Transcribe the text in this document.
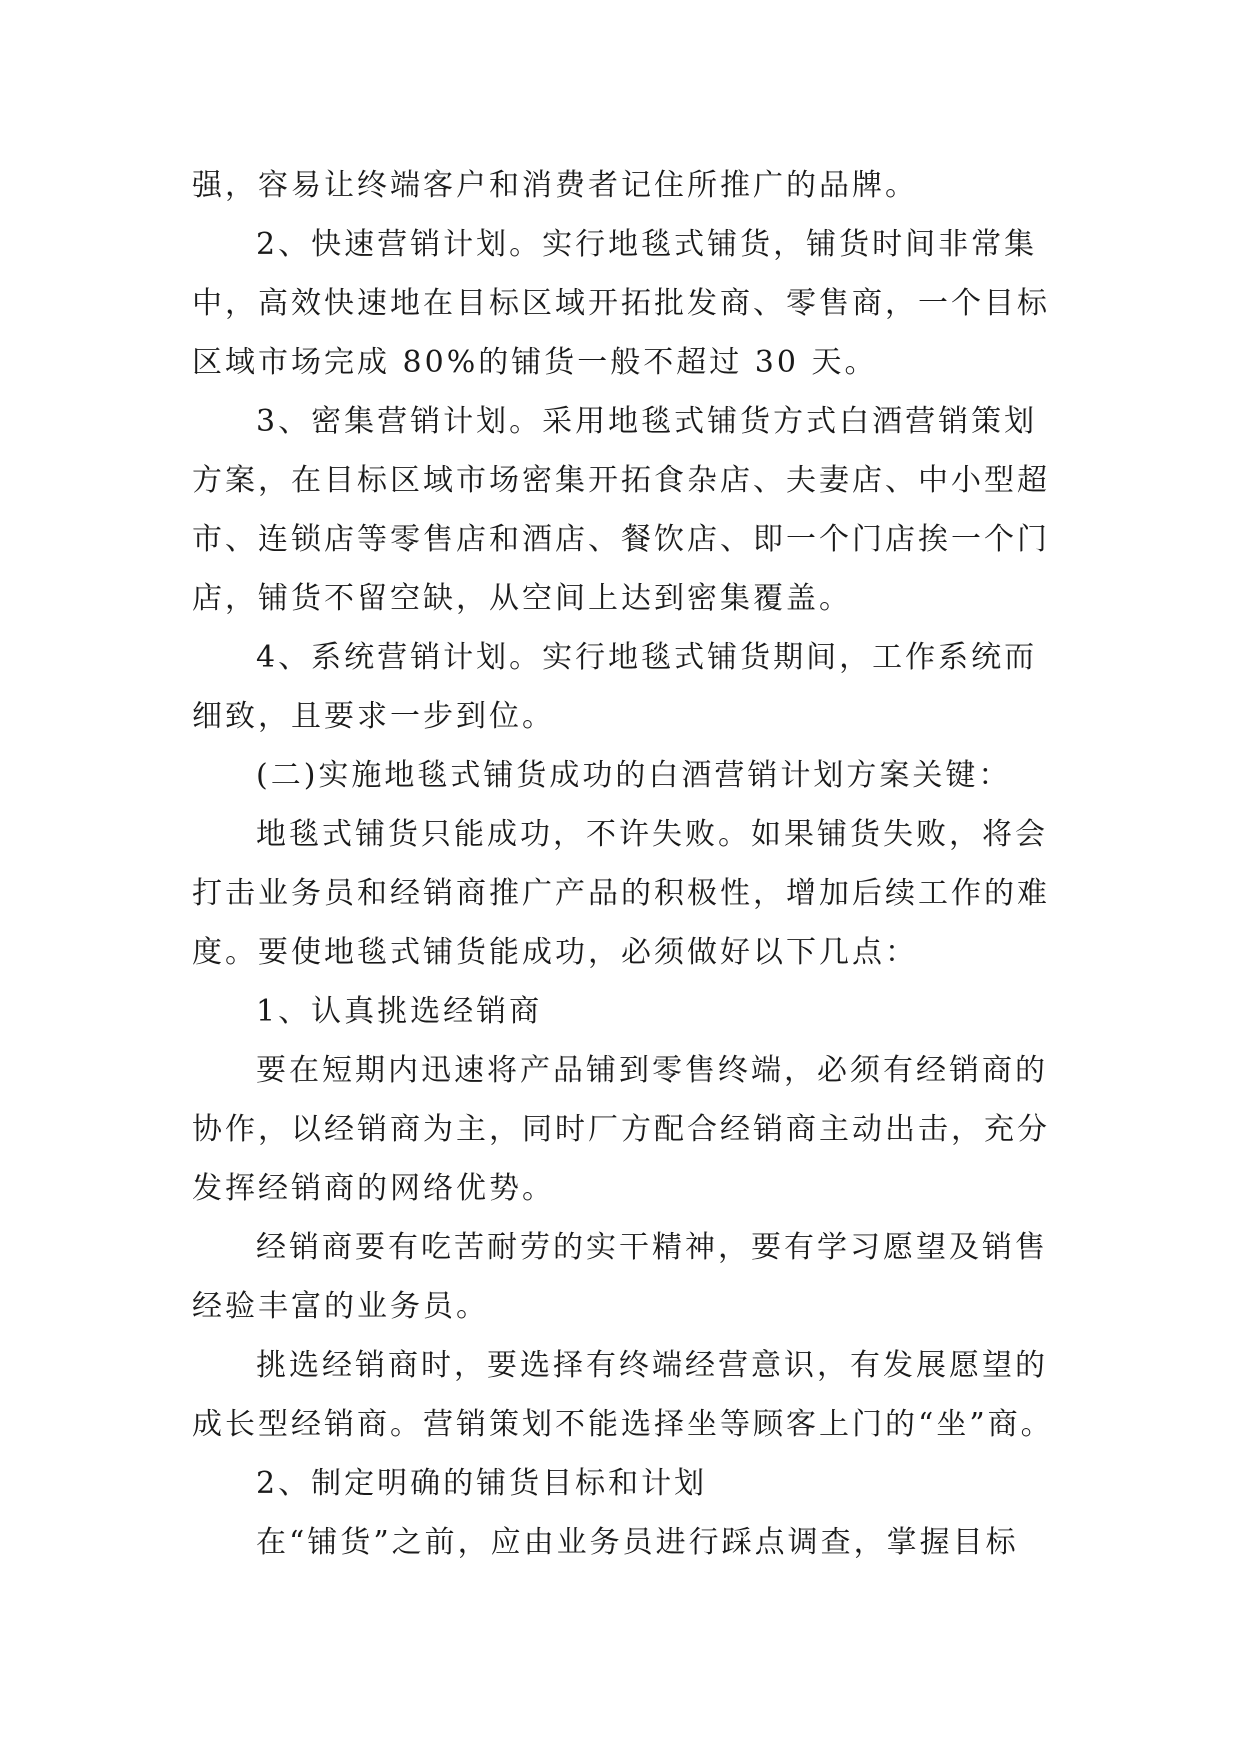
强，容易让终端客户和消费者记住所推广的品牌。

2、快速营销计划。实行地毯式铺货，铺货时间非常集

中，高效快速地在目标区域开拓批发商、零售商，一个目标

区域市场完成 80%的铺货一般不超过 30 天。

3、密集营销计划。采用地毯式铺货方式白酒营销策划

方案，在目标区域市场密集开拓食杂店、夫妻店、中小型超

市、连锁店等零售店和酒店、餐饮店、即一个门店挨一个门

店，铺货不留空缺，从空间上达到密集覆盖。

4、系统营销计划。实行地毯式铺货期间，工作系统而

细致，且要求一步到位。

(二)实施地毯式铺货成功的白酒营销计划方案关键：

地毯式铺货只能成功，不许失败。如果铺货失败，将会

打击业务员和经销商推广产品的积极性，增加后续工作的难

度。要使地毯式铺货能成功，必须做好以下几点：

1、认真挑选经销商

要在短期内迅速将产品铺到零售终端，必须有经销商的

协作，以经销商为主，同时厂方配合经销商主动出击，充分

发挥经销商的网络优势。

经销商要有吃苦耐劳的实干精神，要有学习愿望及销售

经验丰富的业务员。

挑选经销商时，要选择有终端经营意识，有发展愿望的

成长型经销商。营销策划不能选择坐等顾客上门的“坐”商。

2、制定明确的铺货目标和计划

在“铺货”之前，应由业务员进行踩点调查，掌握目标
